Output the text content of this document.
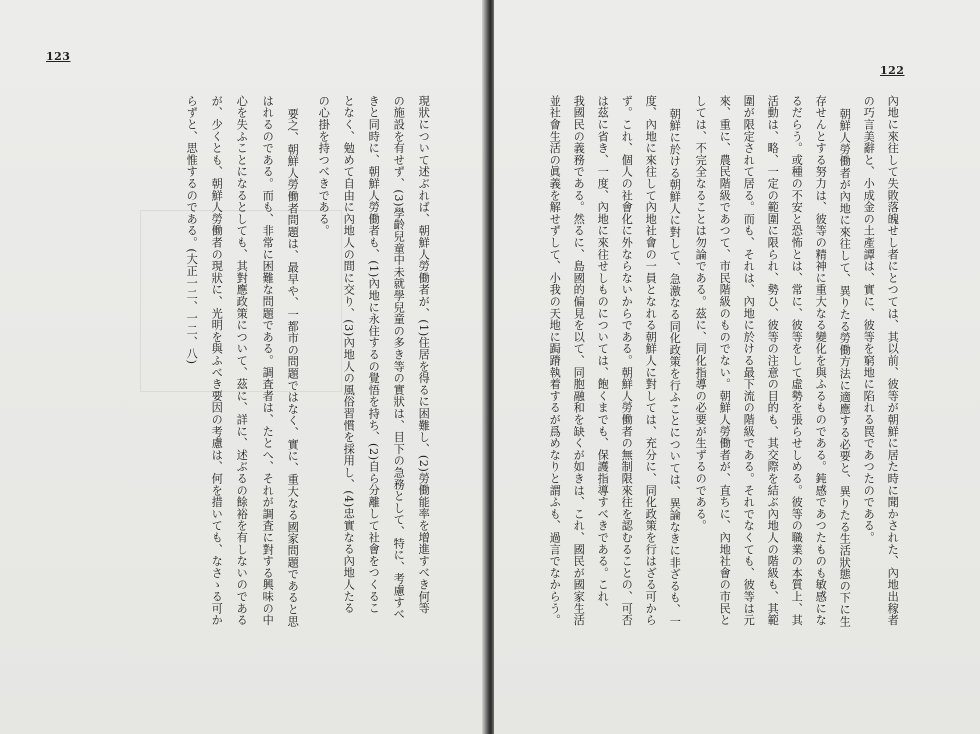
123
現狀について述ぶれば、朝鮮人勞働者が、(1)住居を得るに困難し、(2)勞働能率を增進すべき何等
の施設を有せず、(3)學齡兒童中未就學兒童の多き等の實狀は、目下の急務として、特に、考慮すべ
きと同時に、朝鮮人勞働者も、(1)內地に永住するの覺悟を持ち、(2)自ら分離して社會をつくるこ
となく、勉めて自由に內地人の間に交り、(3)內地人の風俗習慣を採用し、(4)忠實なる內地人たる
の心掛を持つべきである。
要之、朝鮮人勞働者問題は、最早や、一都市の問題ではなく、實に、重大なる國家問題であると思
はれるのである。而も、非常に困難な問題である。調査者は、たとへ、それが調査に對する興味の中
心を失ふことになるとしても、其對應政策について、茲に、詳に、述ぶるの餘裕を有しないのである
が、少くとも、朝鮮人勞働者の現狀に、光明を與ふべき要因の考慮は、何を措いても、なさゝる可か
らずと、思惟するのである。(大正一二、一二、八)
122
內地に來往して失敗落魄せし者にとつては、其以前、彼等が朝鮮に居た時に聞かされた、內地出稼者
の巧言美辭と、小成金の土產譚は、實に、彼等を窮地に陷れる罠であつたのである。
朝鮮人勞働者が內地に來往して、異りたる勞働方法に適應する必要と、異りたる生活狀態の下に生
存せんとする努力は、彼等の精神に重大なる變化を與ふるものである。鈍感であつたものも敏感にな
るだらう。或種の不安と恐怖とは、常に、彼等をして虛勢を張らせしめる。彼等の職業の本質上、其
活動は、略、一定の範圍に限られ、勢ひ、彼等の注意の目的も、其交際を結ぶ內地人の階級も、其範
圍が限定されて居る。而も、それは、內地に於ける最下流の階級である。それでなくても、彼等は元
來、重に、農民階級であつて、市民階級のものでない。朝鮮人勞働者が、直ちに、內地社會の市民と
しては、不完全なることは勿論である。茲に、同化指導の必要が生ずるのである。
朝鮮に於ける朝鮮人に對して、急激なる同化政策を行ふことについては、異論なきに非ざるも、一
度、內地に來往して內地社會の一員となれる朝鮮人に對しては、充分に、同化政策を行はざる可から
ず。これ、個人の社會化に外ならないからである。朝鮮人勞働者の無制限來往を認むることの、可否
は茲に省き、一度、內地に來往せしものについては、飽くまでも、保護指導すべきである。これ、
我國民の義務である。然るに、島國的偏見を以て、同胞融和を缺くが如きは、これ、國民が國家生活
並社會生活の眞義を解せずして、小我の天地に跼蹐執着するが爲めなりと謂ふも、過言でなからう。
